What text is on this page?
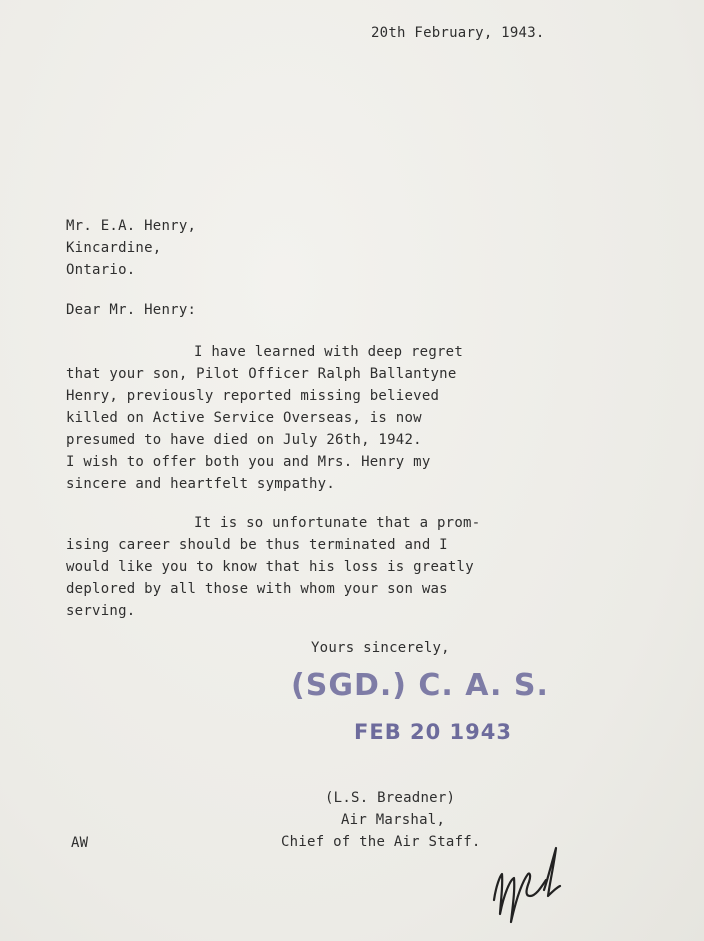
20th February, 1943.
Mr. E.A. Henry,
Kincardine,
Ontario.
Dear Mr. Henry:
I have learned with deep regret
that your son, Pilot Officer Ralph Ballantyne
Henry, previously reported missing believed
killed on Active Service Overseas, is now
presumed to have died on July 26th, 1942.
I wish to offer both you and Mrs. Henry my
sincere and heartfelt sympathy.
It is so unfortunate that a prom-
ising career should be thus terminated and I
would like you to know that his loss is greatly
deplored by all those with whom your son was
serving.
Yours sincerely,
(SGD.) C. A. S.
FEB 20 1943
(L.S. Breadner)
Air Marshal,
Chief of the Air Staff.
AW
